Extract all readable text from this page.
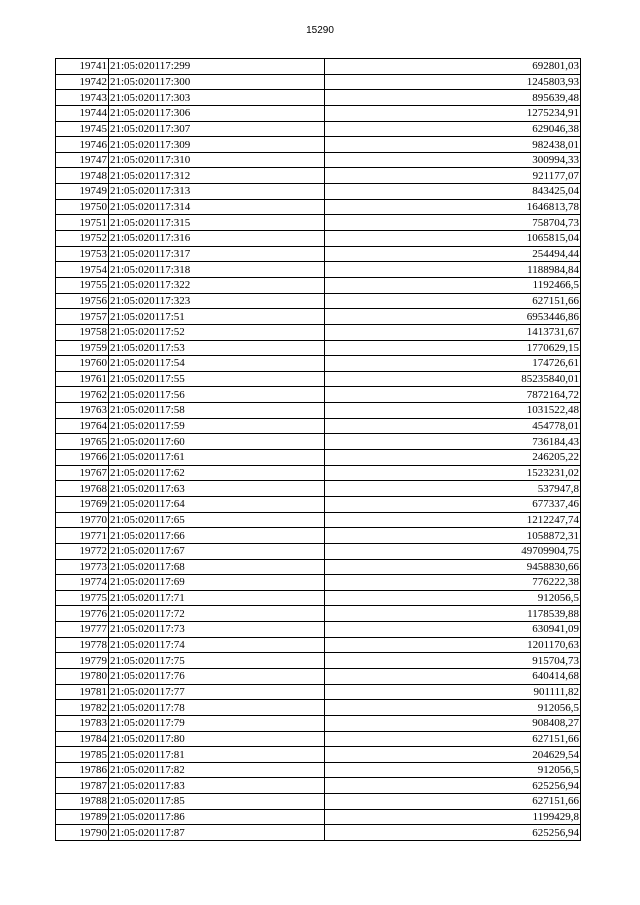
15290
19741	21:05:020117:299	692801,03
19742	21:05:020117:300	1245803,93
19743	21:05:020117:303	895639,48
19744	21:05:020117:306	1275234,91
19745	21:05:020117:307	629046,38
19746	21:05:020117:309	982438,01
19747	21:05:020117:310	300994,33
19748	21:05:020117:312	921177,07
19749	21:05:020117:313	843425,04
19750	21:05:020117:314	1646813,78
19751	21:05:020117:315	758704,73
19752	21:05:020117:316	1065815,04
19753	21:05:020117:317	254494,44
19754	21:05:020117:318	1188984,84
19755	21:05:020117:322	1192466,5
19756	21:05:020117:323	627151,66
19757	21:05:020117:51	6953446,86
19758	21:05:020117:52	1413731,67
19759	21:05:020117:53	1770629,15
19760	21:05:020117:54	174726,61
19761	21:05:020117:55	85235840,01
19762	21:05:020117:56	7872164,72
19763	21:05:020117:58	1031522,48
19764	21:05:020117:59	454778,01
19765	21:05:020117:60	736184,43
19766	21:05:020117:61	246205,22
19767	21:05:020117:62	1523231,02
19768	21:05:020117:63	537947,8
19769	21:05:020117:64	677337,46
19770	21:05:020117:65	1212247,74
19771	21:05:020117:66	1058872,31
19772	21:05:020117:67	49709904,75
19773	21:05:020117:68	9458830,66
19774	21:05:020117:69	776222,38
19775	21:05:020117:71	912056,5
19776	21:05:020117:72	1178539,88
19777	21:05:020117:73	630941,09
19778	21:05:020117:74	1201170,63
19779	21:05:020117:75	915704,73
19780	21:05:020117:76	640414,68
19781	21:05:020117:77	901111,82
19782	21:05:020117:78	912056,5
19783	21:05:020117:79	908408,27
19784	21:05:020117:80	627151,66
19785	21:05:020117:81	204629,54
19786	21:05:020117:82	912056,5
19787	21:05:020117:83	625256,94
19788	21:05:020117:85	627151,66
19789	21:05:020117:86	1199429,8
19790	21:05:020117:87	625256,94
